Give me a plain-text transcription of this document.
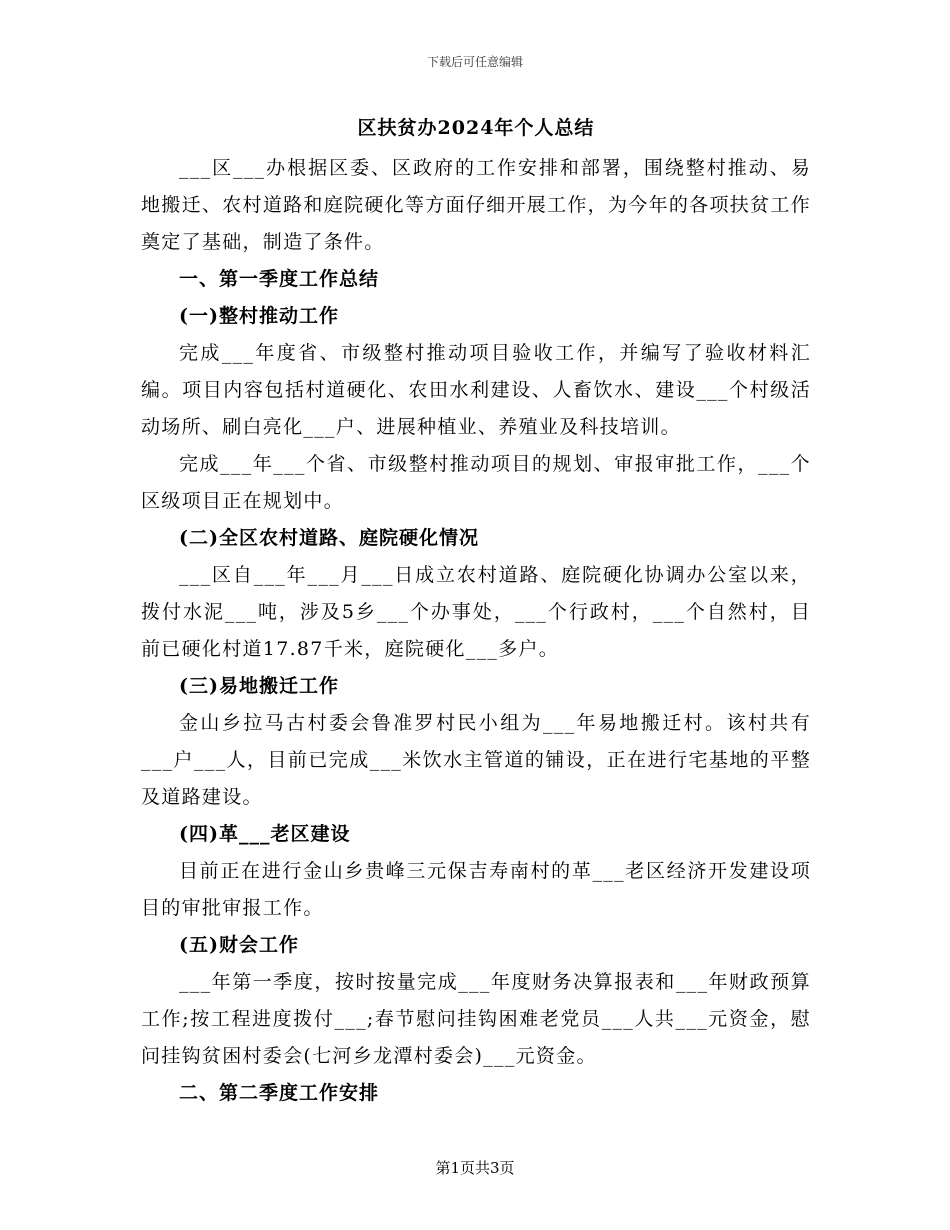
下载后可任意编辑
区扶贫办2024年个人总结

___区___办根据区委、区政府的工作安排和部署，围绕整村推动、易地搬迁、农村道路和庭院硬化等方面仔细开展工作，为今年的各项扶贫工作奠定了基础，制造了条件。

一、第一季度工作总结

(一)整村推动工作

完成___年度省、市级整村推动项目验收工作，并编写了验收材料汇编。项目内容包括村道硬化、农田水利建设、人畜饮水、建设___个村级活动场所、刷白亮化___户、进展种植业、养殖业及科技培训。

完成___年___个省、市级整村推动项目的规划、审报审批工作，___个区级项目正在规划中。

(二)全区农村道路、庭院硬化情况

___区自___年___月___日成立农村道路、庭院硬化协调办公室以来，拨付水泥___吨，涉及5乡___个办事处，___个行政村，___个自然村，目前已硬化村道17.87千米，庭院硬化___多户。

(三)易地搬迁工作

金山乡拉马古村委会鲁准罗村民小组为___年易地搬迁村。该村共有___户___人，目前已完成___米饮水主管道的铺设，正在进行宅基地的平整及道路建设。

(四)革___老区建设

目前正在进行金山乡贵峰三元保吉寿南村的革___老区经济开发建设项目的审批审报工作。

(五)财会工作

___年第一季度，按时按量完成___年度财务决算报表和___年财政预算工作;按工程进度拨付___;春节慰问挂钩困难老党员___人共___元资金，慰问挂钩贫困村委会(七河乡龙潭村委会)___元资金。

二、第二季度工作安排

第1页共3页
